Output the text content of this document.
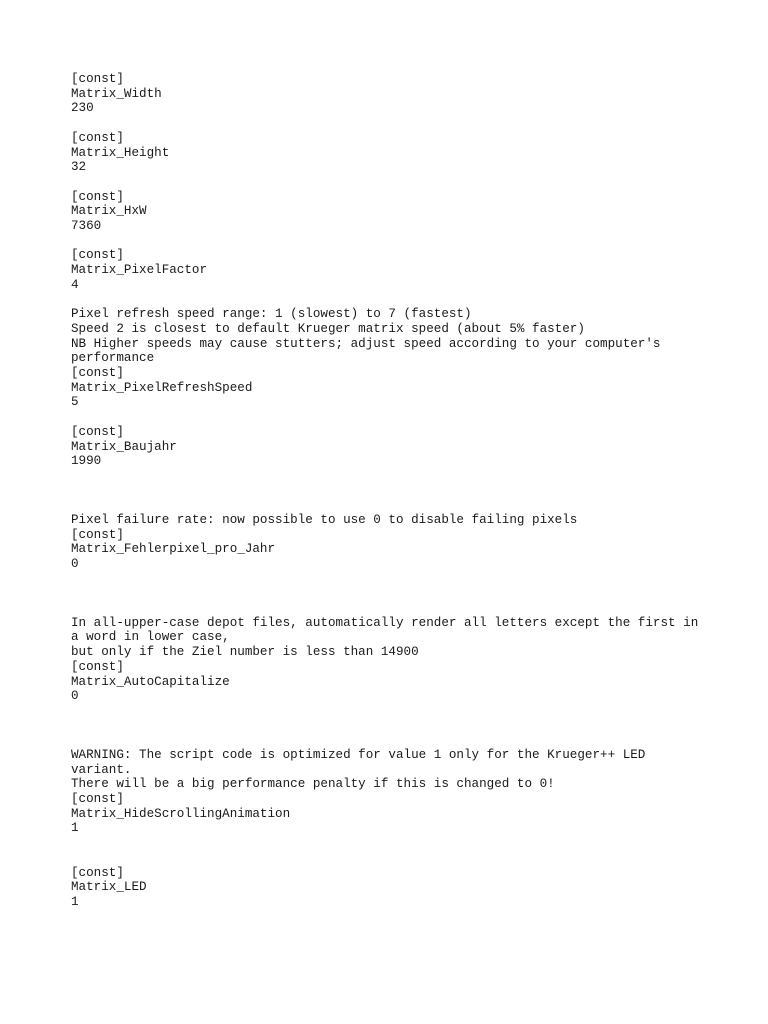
[const]
Matrix_Width
230
[const]
Matrix_Height
32
[const]
Matrix_HxW
7360
[const]
Matrix_PixelFactor
4
Pixel refresh speed range: 1 (slowest) to 7 (fastest)
Speed 2 is closest to default Krueger matrix speed (about 5% faster)
NB Higher speeds may cause stutters; adjust speed according to your computer's performance
[const]
Matrix_PixelRefreshSpeed
5
[const]
Matrix_Baujahr
1990
Pixel failure rate: now possible to use 0 to disable failing pixels
[const]
Matrix_Fehlerpixel_pro_Jahr
0
In all-upper-case depot files, automatically render all letters except the first in a word in lower case,
but only if the Ziel number is less than 14900
[const]
Matrix_AutoCapitalize
0
WARNING: The script code is optimized for value 1 only for the Krueger++ LED variant.
There will be a big performance penalty if this is changed to 0!
[const]
Matrix_HideScrollingAnimation
1
[const]
Matrix_LED
1
